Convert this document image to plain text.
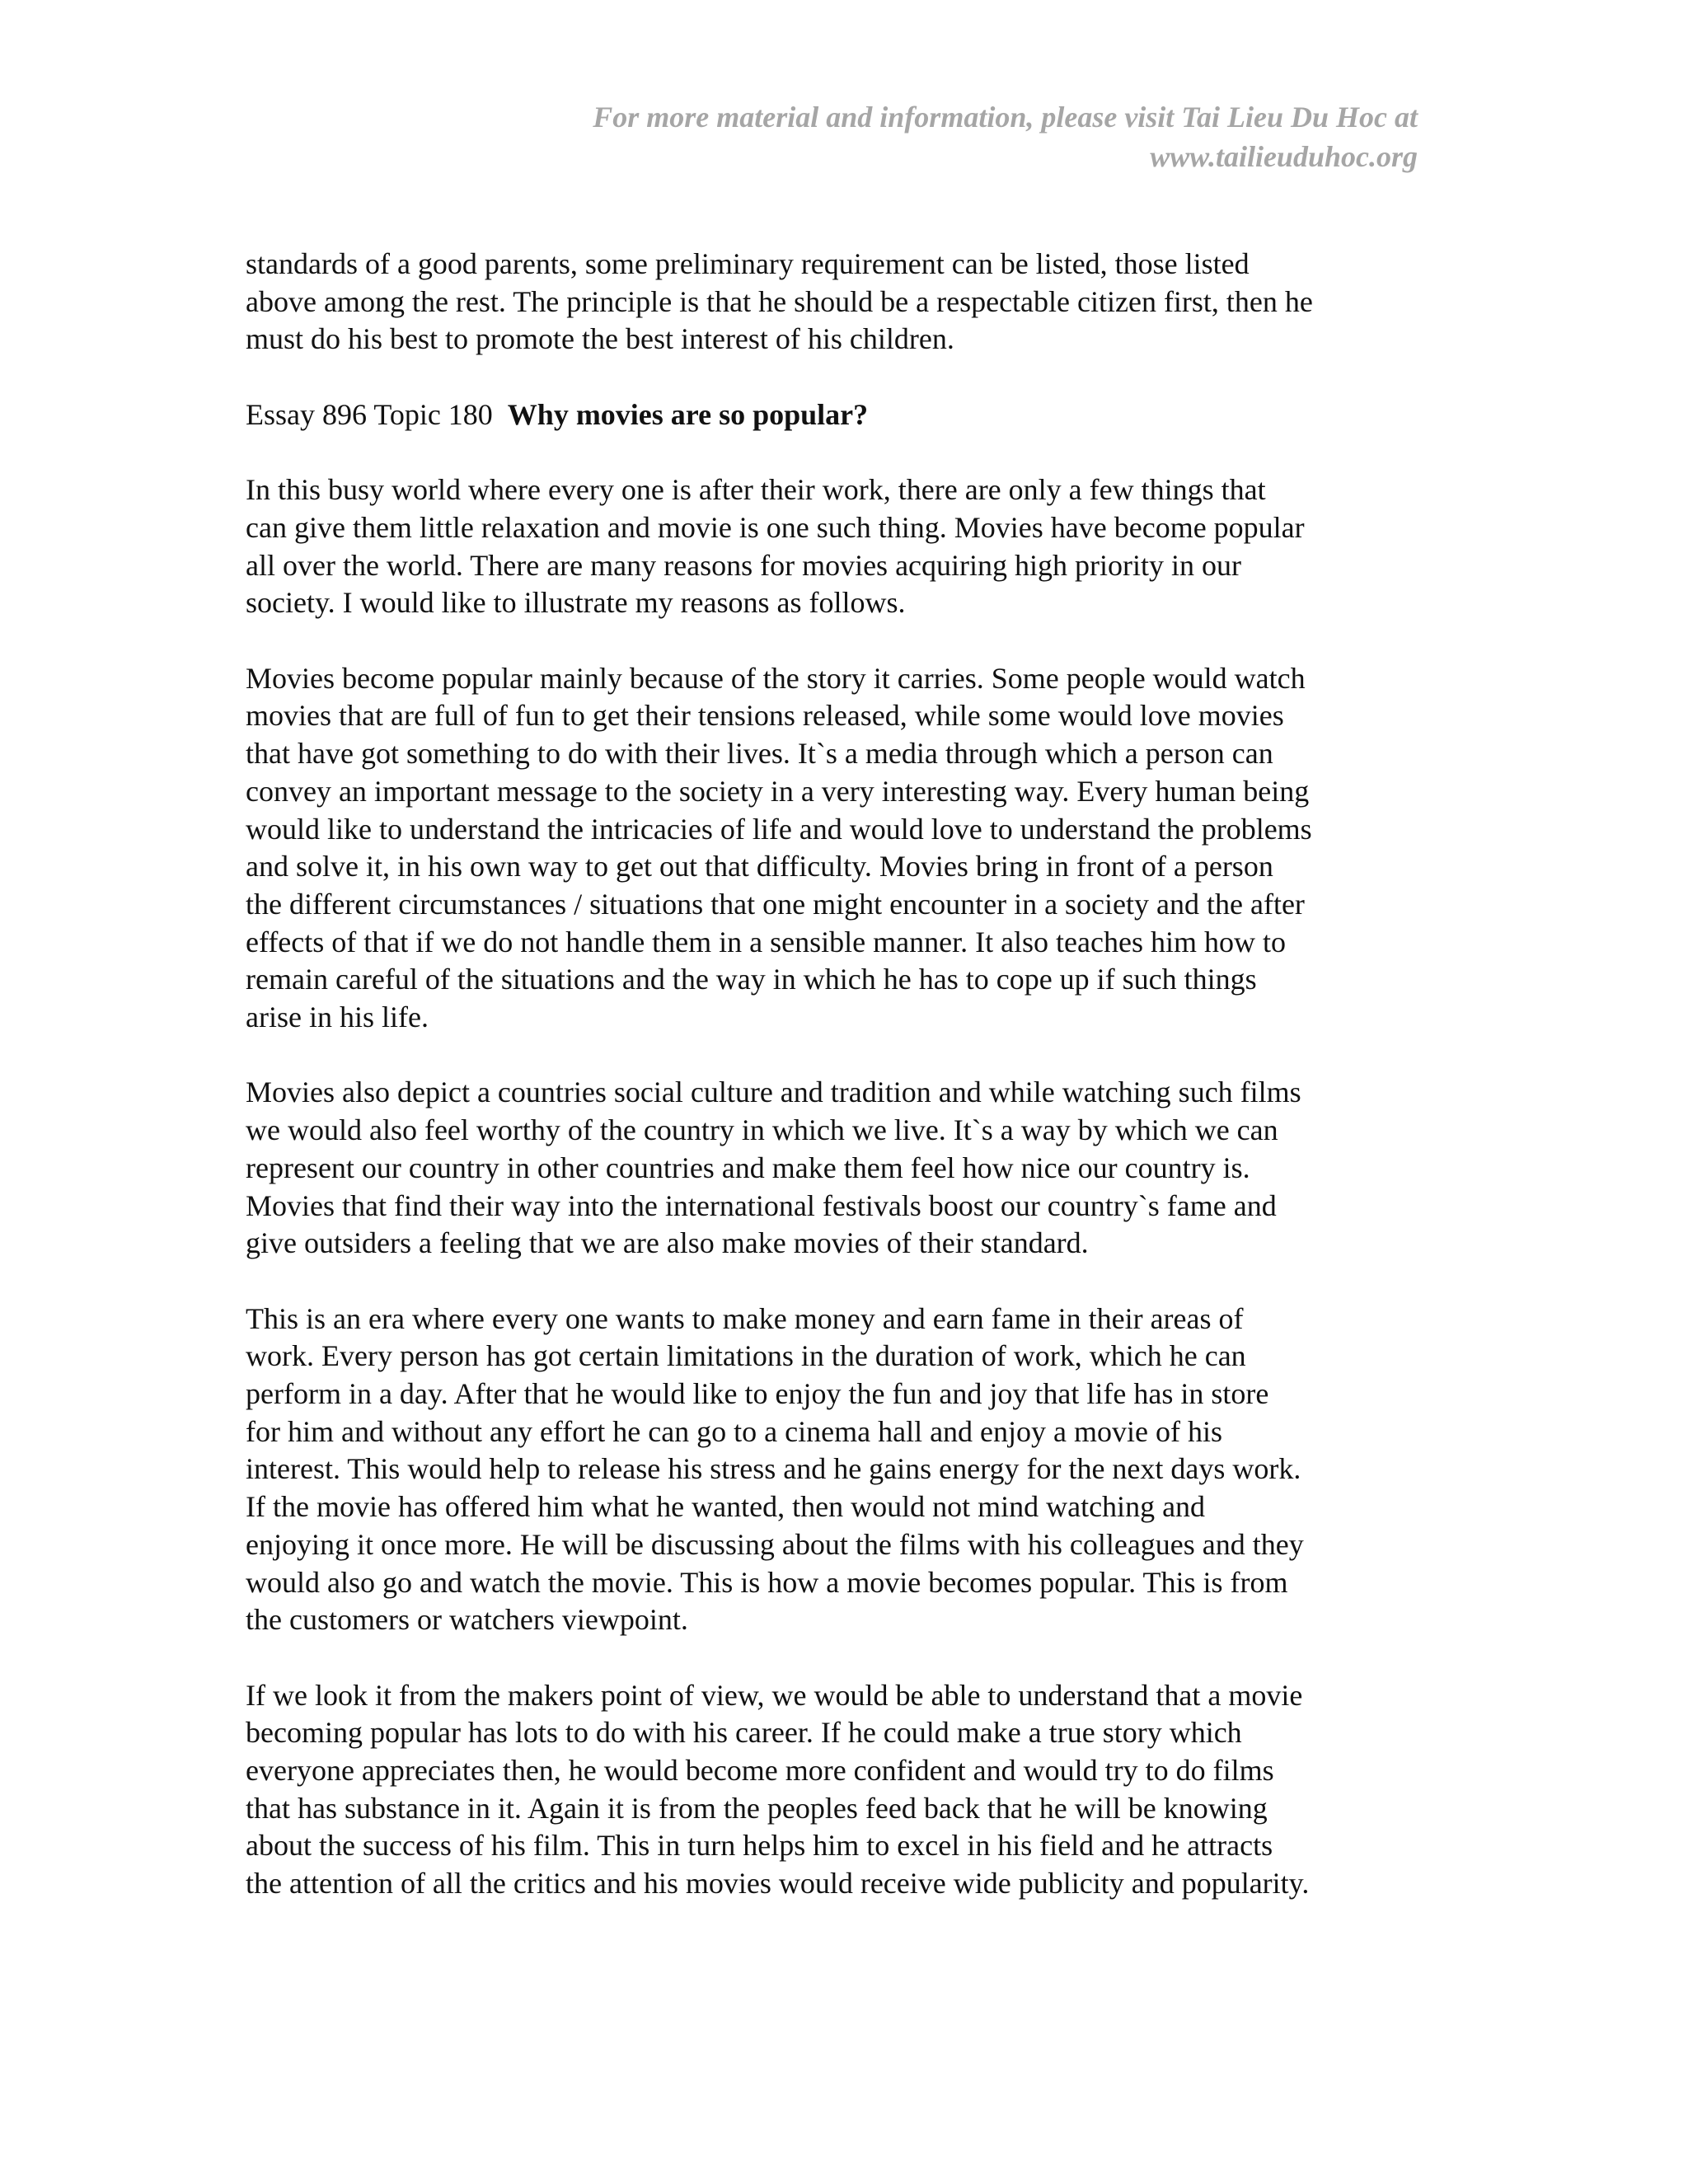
For more material and information, please visit Tai Lieu Du Hoc at
www.tailieuduhoc.org
standards of a good parents, some preliminary requirement can be listed, those listed
above among the rest. The principle is that he should be a respectable citizen first, then he
must do his best to promote the best interest of his children.
Essay 896 Topic 180 Why movies are so popular?
In this busy world where every one is after their work, there are only a few things that
can give them little relaxation and movie is one such thing. Movies have become popular
all over the world. There are many reasons for movies acquiring high priority in our
society. I would like to illustrate my reasons as follows.
Movies become popular mainly because of the story it carries. Some people would watch
movies that are full of fun to get their tensions released, while some would love movies
that have got something to do with their lives. It`s a media through which a person can
convey an important message to the society in a very interesting way. Every human being
would like to understand the intricacies of life and would love to understand the problems
and solve it, in his own way to get out that difficulty. Movies bring in front of a person
the different circumstances / situations that one might encounter in a society and the after
effects of that if we do not handle them in a sensible manner. It also teaches him how to
remain careful of the situations and the way in which he has to cope up if such things
arise in his life.
Movies also depict a countries social culture and tradition and while watching such films
we would also feel worthy of the country in which we live. It`s a way by which we can
represent our country in other countries and make them feel how nice our country is.
Movies that find their way into the international festivals boost our country`s fame and
give outsiders a feeling that we are also make movies of their standard.
This is an era where every one wants to make money and earn fame in their areas of
work. Every person has got certain limitations in the duration of work, which he can
perform in a day. After that he would like to enjoy the fun and joy that life has in store
for him and without any effort he can go to a cinema hall and enjoy a movie of his
interest. This would help to release his stress and he gains energy for the next days work.
If the movie has offered him what he wanted, then would not mind watching and
enjoying it once more. He will be discussing about the films with his colleagues and they
would also go and watch the movie. This is how a movie becomes popular. This is from
the customers or watchers viewpoint.
If we look it from the makers point of view, we would be able to understand that a movie
becoming popular has lots to do with his career. If he could make a true story which
everyone appreciates then, he would become more confident and would try to do films
that has substance in it. Again it is from the peoples feed back that he will be knowing
about the success of his film. This in turn helps him to excel in his field and he attracts
the attention of all the critics and his movies would receive wide publicity and popularity.
